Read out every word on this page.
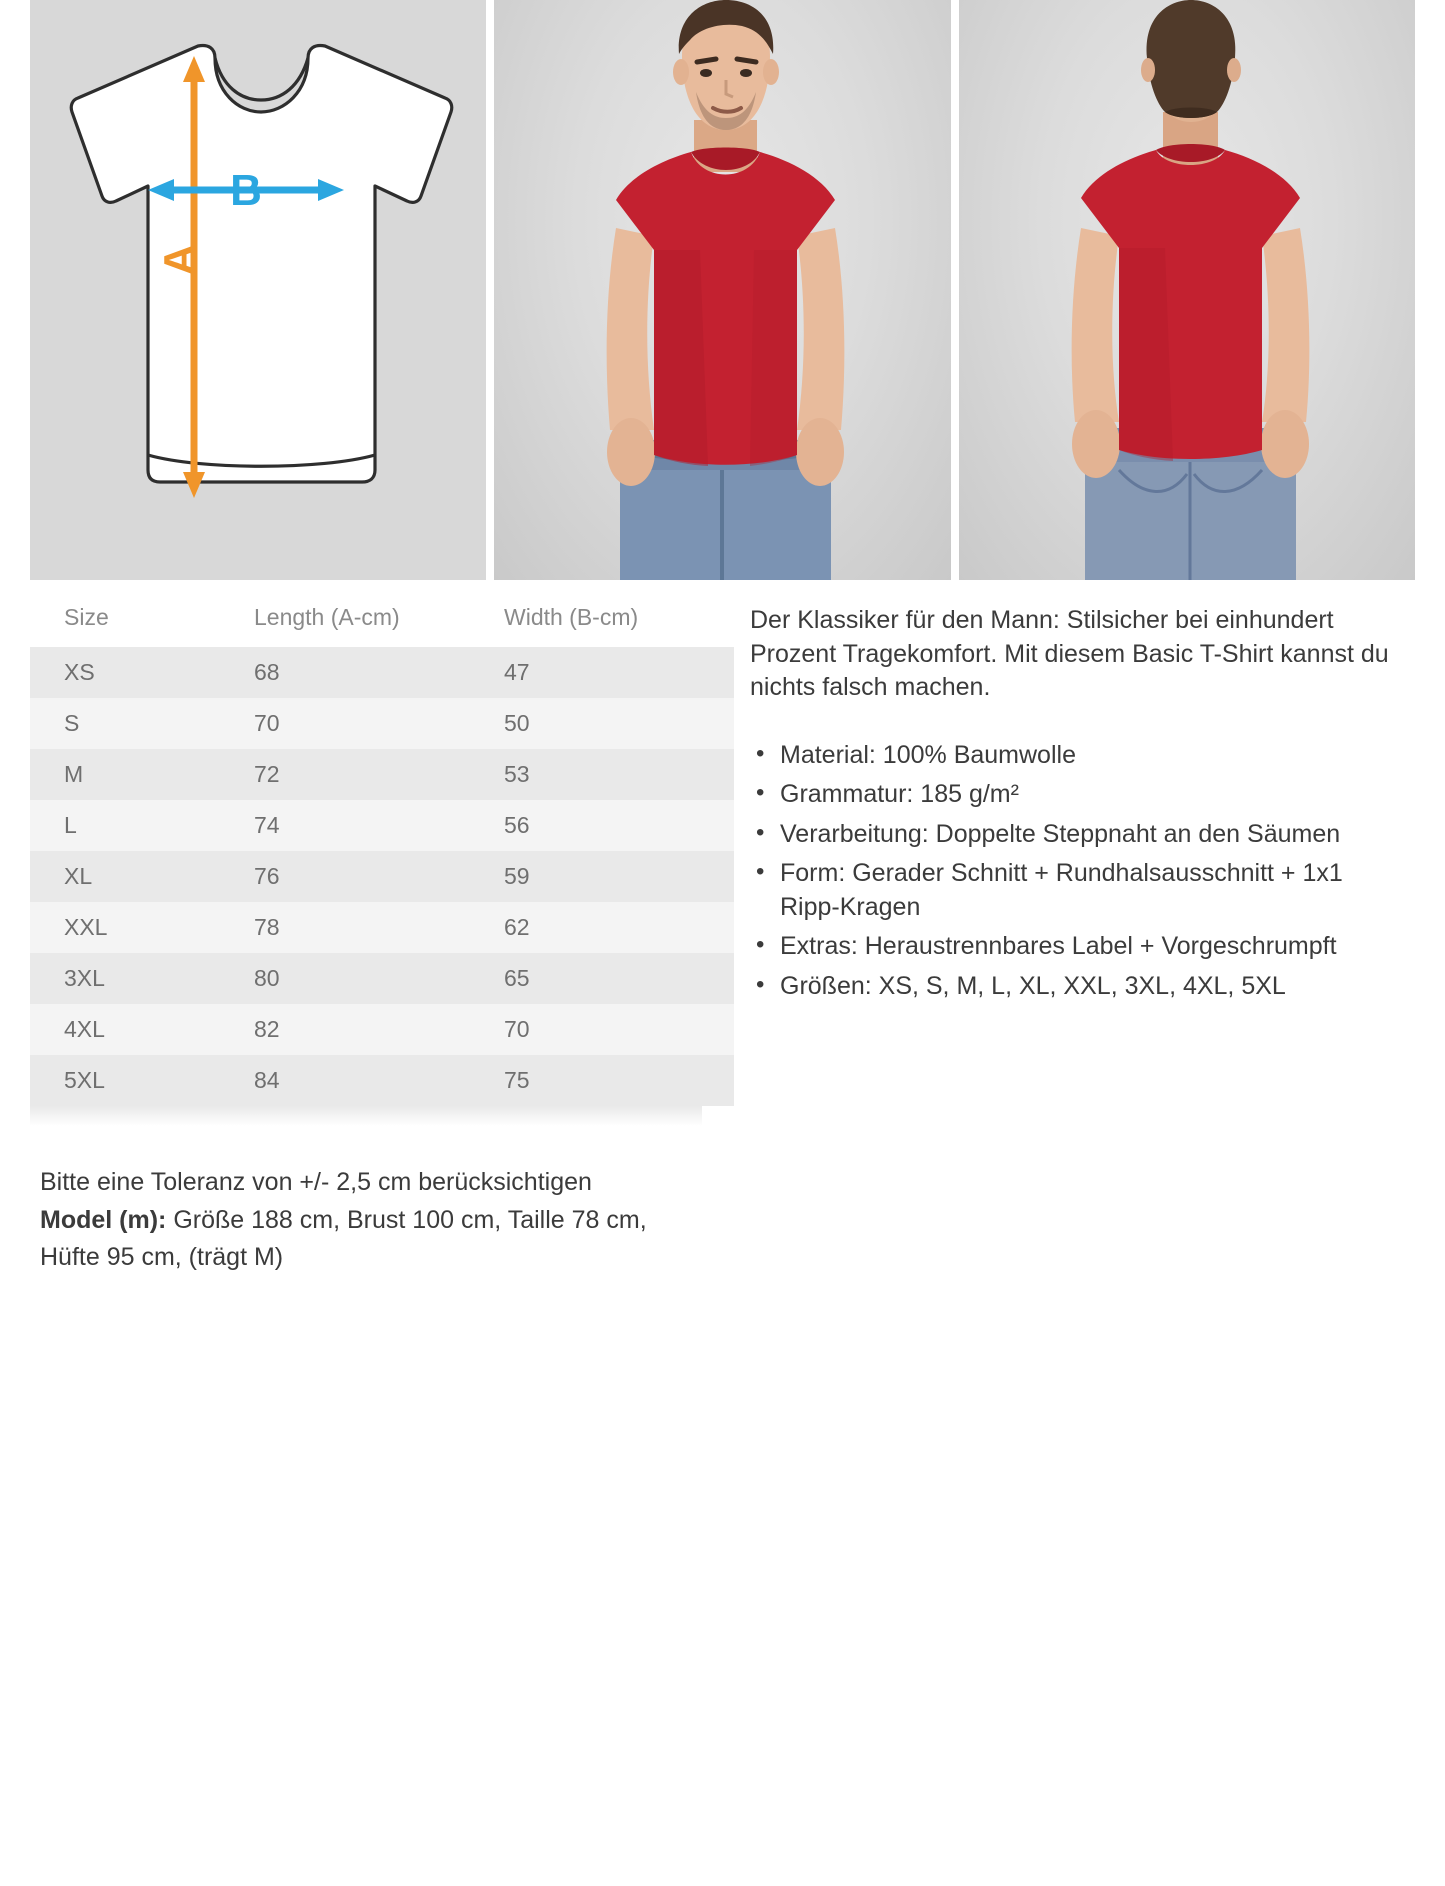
A
B
Size	Length (A-cm)	Width (B-cm)
XS	68	47
S	70	50
M	72	53
L	74	56
XL	76	59
XXL	78	62
3XL	80	65
4XL	82	70
5XL	84	75

Der Klassiker für den Mann: Stilsicher bei einhundert Prozent Tragekomfort. Mit diesem Basic T-Shirt kannst du nichts falsch machen.

• Material: 100% Baumwolle
• Grammatur: 185 g/m²
• Verarbeitung: Doppelte Steppnaht an den Säumen
• Form: Gerader Schnitt + Rundhalsausschnitt + 1x1 Ripp-Kragen
• Extras: Heraustrennbares Label + Vorgeschrumpft
• Größen: XS, S, M, L, XL, XXL, 3XL, 4XL, 5XL

Bitte eine Toleranz von +/- 2,5 cm berücksichtigen

Model (m): Größe 188 cm, Brust 100 cm, Taille 78 cm, Hüfte 95 cm, (trägt M)
